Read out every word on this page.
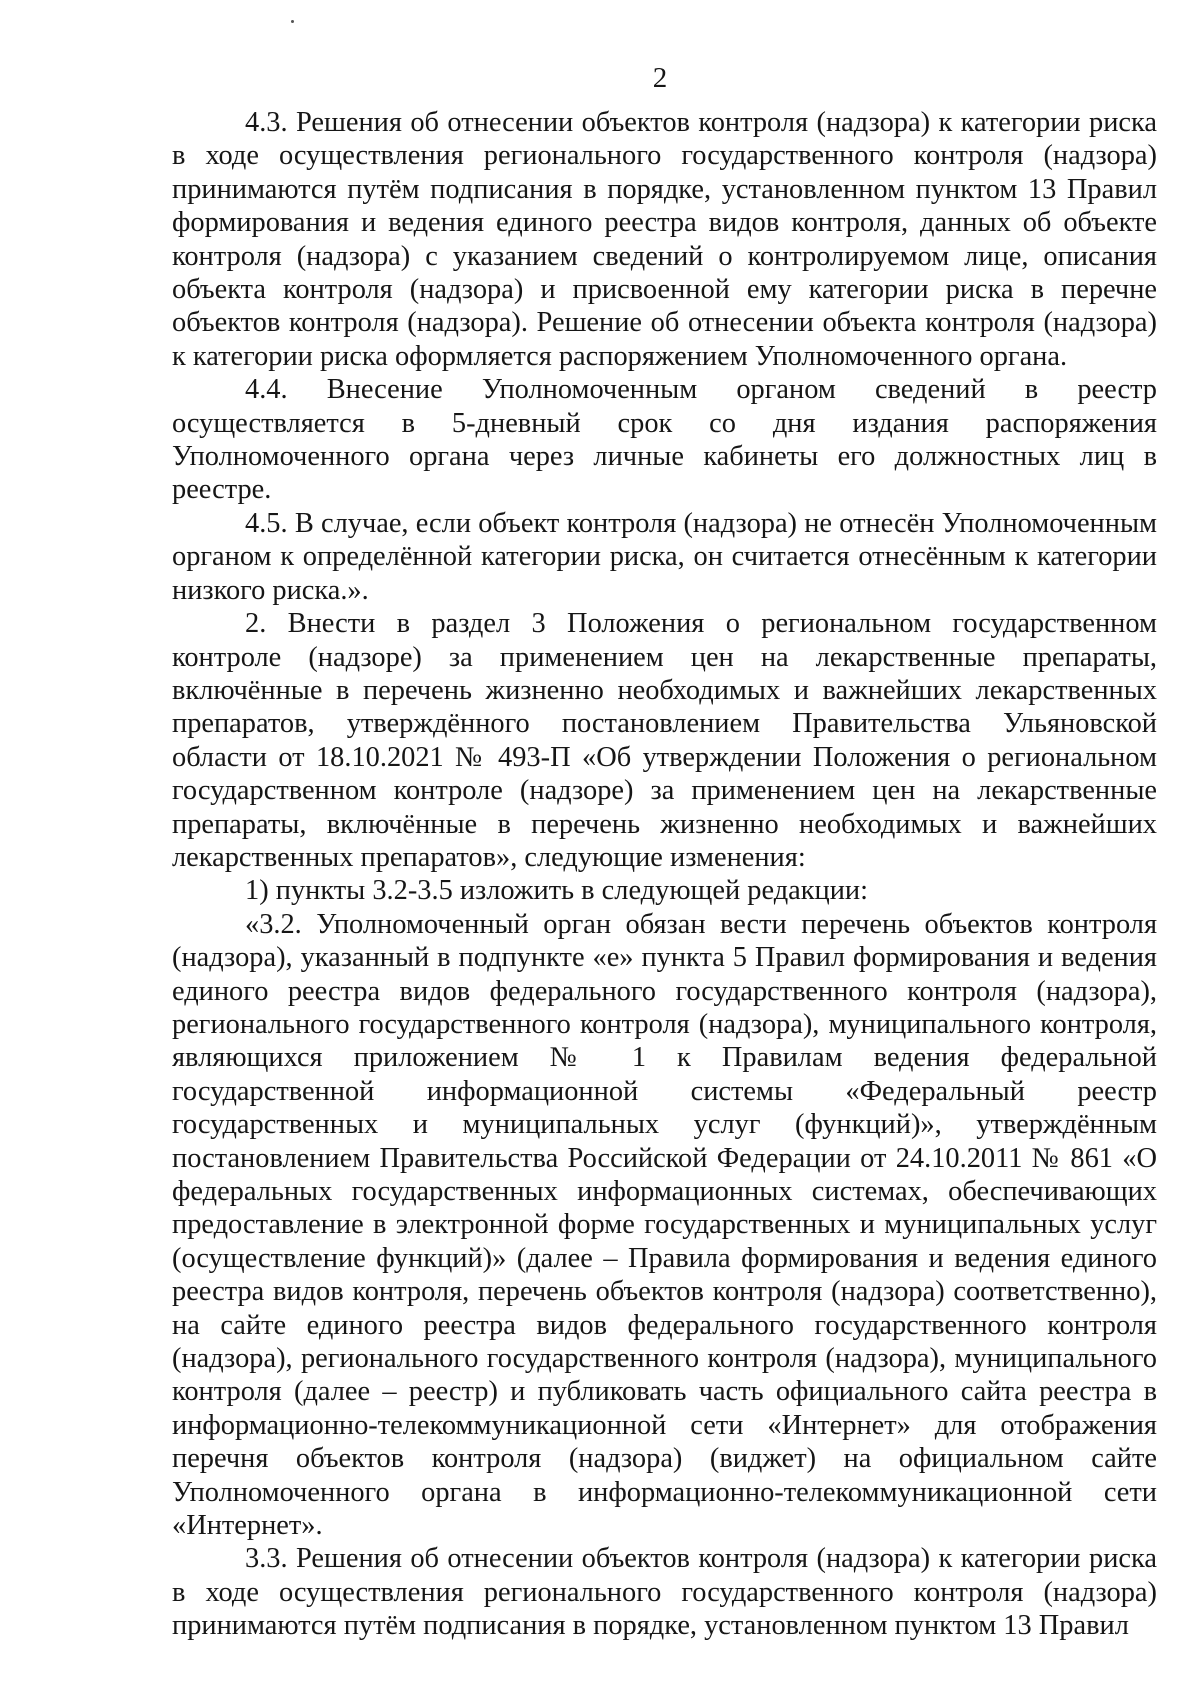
2

4.3. Решения об отнесении объектов контроля (надзора) к категории риска в ходе осуществления регионального государственного контроля (надзора) принимаются путём подписания в порядке, установленном пунктом 13 Правил формирования и ведения единого реестра видов контроля, данных об объекте контроля (надзора) с указанием сведений о контролируемом лице, описания объекта контроля (надзора) и присвоенной ему категории риска в перечне объектов контроля (надзора). Решение об отнесении объекта контроля (надзора) к категории риска оформляется распоряжением Уполномоченного органа.

4.4. Внесение Уполномоченным органом сведений в реестр осуществляется в 5-дневный срок со дня издания распоряжения Уполномоченного органа через личные кабинеты его должностных лиц в реестре.

4.5. В случае, если объект контроля (надзора) не отнесён Уполномоченным органом к определённой категории риска, он считается отнесённым к категории низкого риска.».

2. Внести в раздел 3 Положения о региональном государственном контроле (надзоре) за применением цен на лекарственные препараты, включённые в перечень жизненно необходимых и важнейших лекарственных препаратов, утверждённого постановлением Правительства Ульяновской области от 18.10.2021 № 493-П «Об утверждении Положения о региональном государственном контроле (надзоре) за применением цен на лекарственные препараты, включённые в перечень жизненно необходимых и важнейших лекарственных препаратов», следующие изменения:

1) пункты 3.2-3.5 изложить в следующей редакции:

«3.2. Уполномоченный орган обязан вести перечень объектов контроля (надзора), указанный в подпункте «е» пункта 5 Правил формирования и ведения единого реестра видов федерального государственного контроля (надзора), регионального государственного контроля (надзора), муниципального контроля, являющихся приложением № 1 к Правилам ведения федеральной государственной информационной системы «Федеральный реестр государственных и муниципальных услуг (функций)», утверждённым постановлением Правительства Российской Федерации от 24.10.2011 № 861 «О федеральных государственных информационных системах, обеспечивающих предоставление в электронной форме государственных и муниципальных услуг (осуществление функций)» (далее – Правила формирования и ведения единого реестра видов контроля, перечень объектов контроля (надзора) соответственно), на сайте единого реестра видов федерального государственного контроля (надзора), регионального государственного контроля (надзора), муниципального контроля (далее – реестр) и публиковать часть официального сайта реестра в информационно-телекоммуникационной сети «Интернет» для отображения перечня объектов контроля (надзора) (виджет) на официальном сайте Уполномоченного органа в информационно-телекоммуникационной сети «Интернет».

3.3. Решения об отнесении объектов контроля (надзора) к категории риска в ходе осуществления регионального государственного контроля (надзора) принимаются путём подписания в порядке, установленном пунктом 13 Правил
